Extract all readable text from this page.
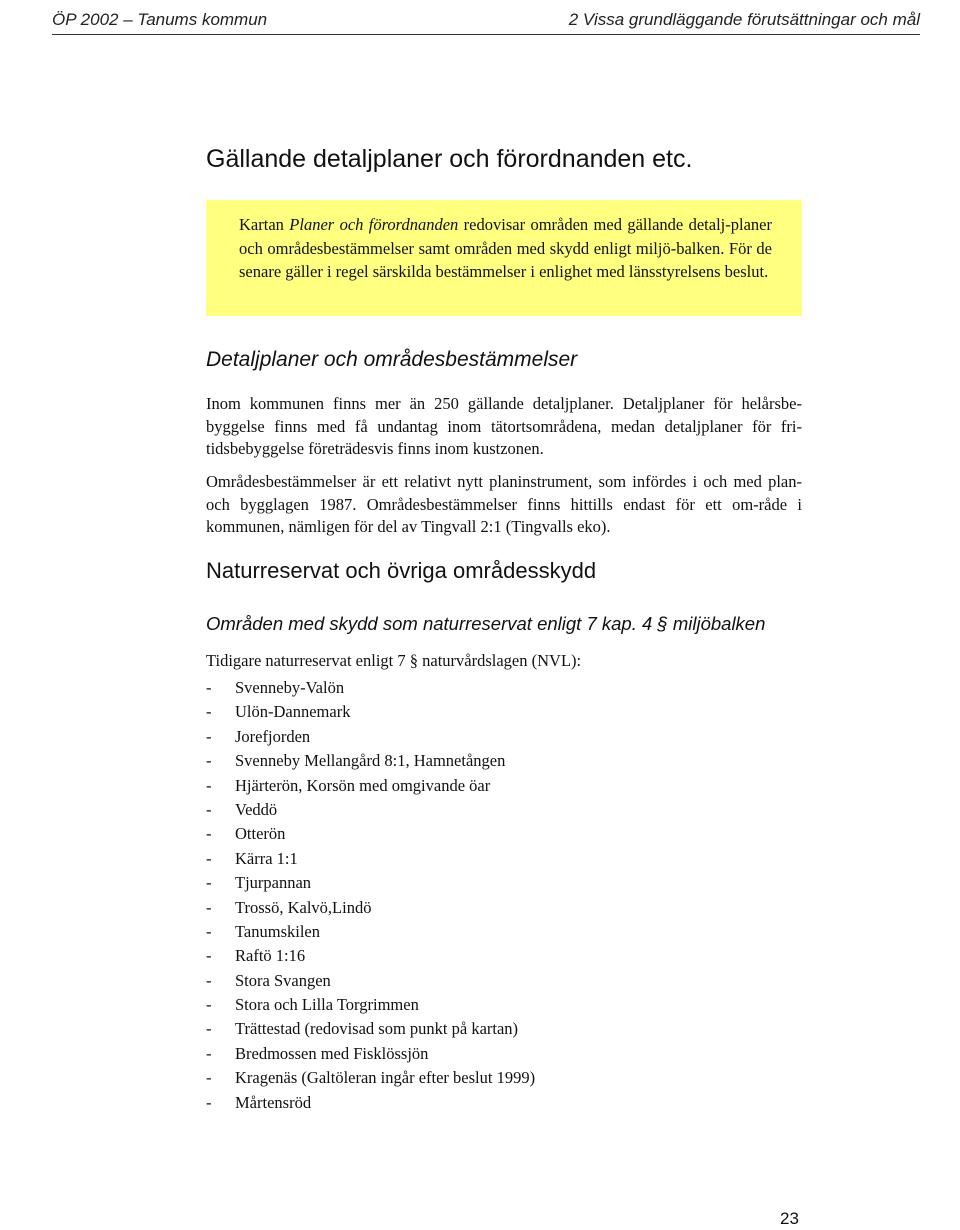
ÖP 2002 – Tanums kommun	2 Vissa grundläggande förutsättningar och mål
Gällande detaljplaner och förordnanden etc.
Kartan Planer och förordnanden redovisar områden med gällande detalj-planer och områdesbestämmelser samt områden med skydd enligt miljö-balken. För de senare gäller i regel särskilda bestämmelser i enlighet med länsstyrelsens beslut.
Detaljplaner och områdesbestämmelser

Inom kommunen finns mer än 250 gällande detaljplaner. Detaljplaner för helårsbe-byggelse finns med få undantag inom tätortsområdena, medan detaljplaner för fri-tidsbebyggelse företrädesvis finns inom kustzonen.

Områdesbestämmelser är ett relativt nytt planinstrument, som infördes i och med plan- och bygglagen 1987. Områdesbestämmelser finns hittills endast för ett om-råde i kommunen, nämligen för del av Tingvall 2:1 (Tingvalls eko).

Naturreservat och övriga områdesskydd
Områden med skydd som naturreservat enligt 7 kap. 4 § miljöbalken

Tidigare naturreservat enligt 7 § naturvårdslagen (NVL):

- Svenneby-Valön
- Ulön-Dannemark
- Jorefjorden
- Svenneby Mellangård 8:1, Hamnetången
- Hjärterön, Korsön med omgivande öar
- Veddö
- Otterön
- Kärra 1:1
- Tjurpannan
- Trossö, Kalvö,Lindö
- Tanumskilen
- Raftö 1:16
- Stora Svangen
- Stora och Lilla Torgrimmen
- Trättestad (redovisad som punkt på kartan)
- Bredmossen med Fisklössjön
- Kragenäs (Galtöleran ingår efter beslut 1999)
- Mårtensröd
23
